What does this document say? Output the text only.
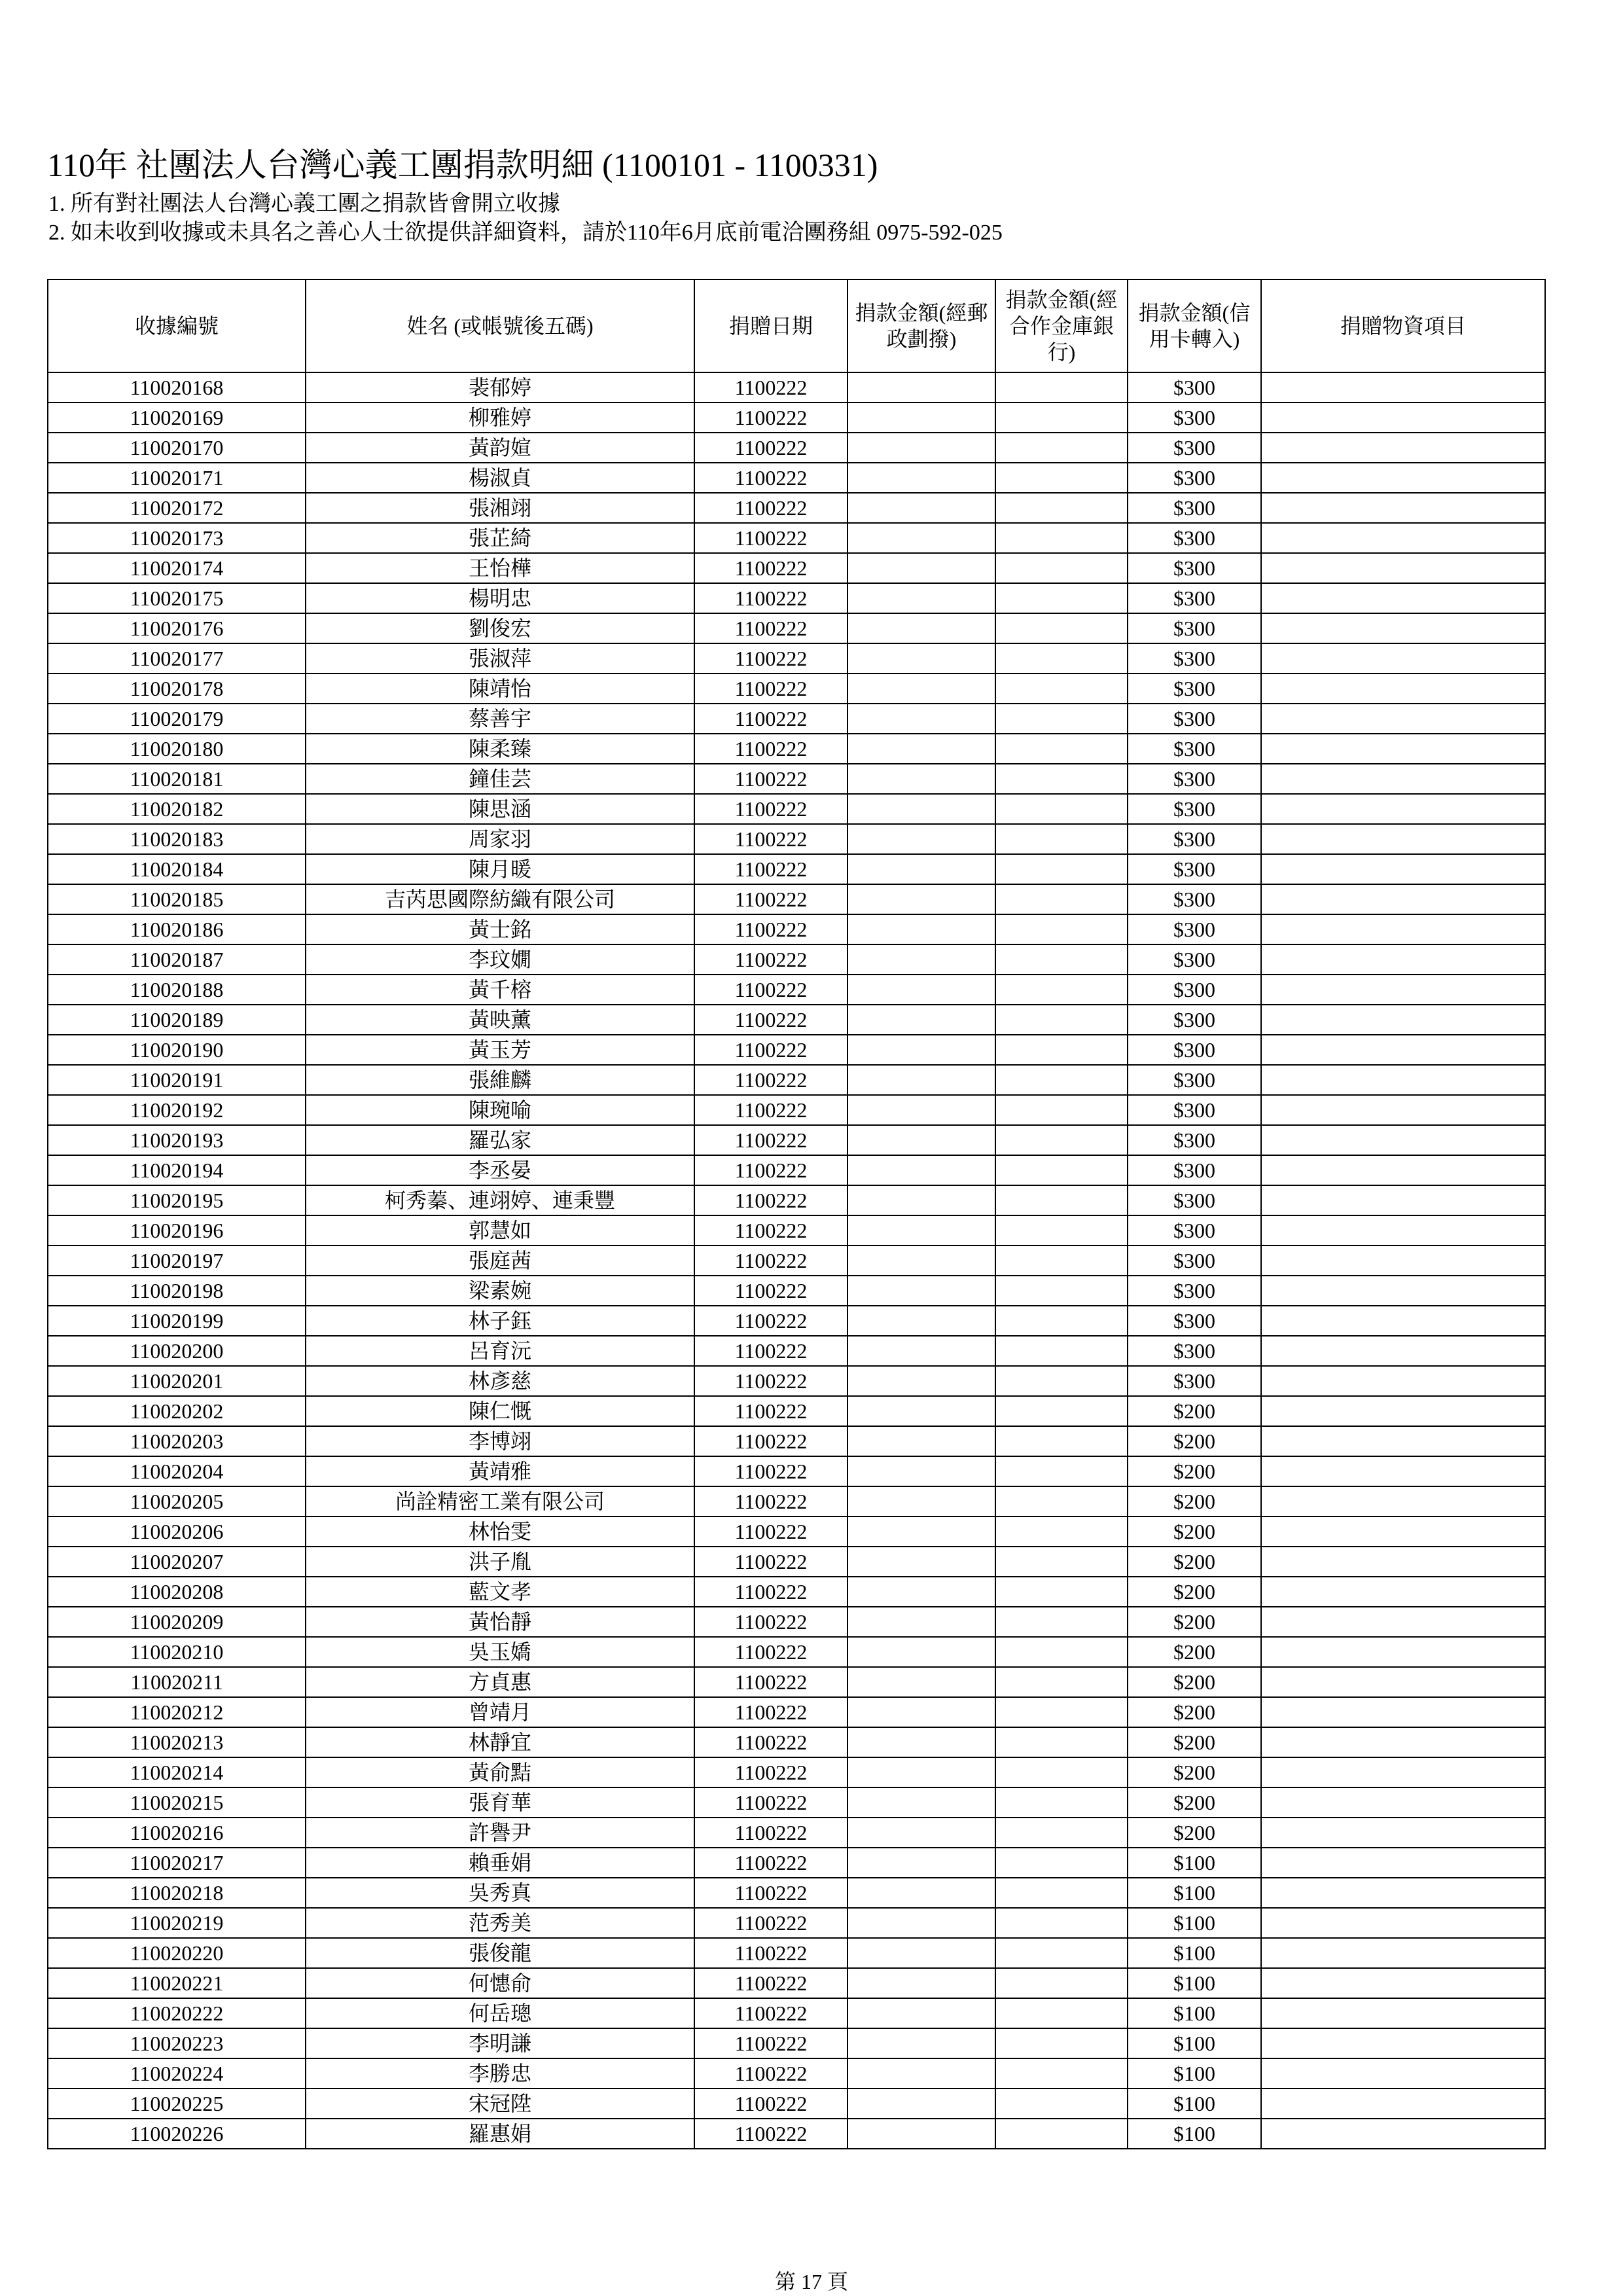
110年 社團法人台灣心義工團捐款明細 (1100101 - 1100331)
1. 所有對社團法人台灣心義工團之捐款皆會開立收據
2. 如未收到收據或未具名之善心人士欲提供詳細資料，請於110年6月底前電洽團務組 0975-592-025
收據編號	姓名 (或帳號後五碼)	捐贈日期	捐款金額(經郵政劃撥)	捐款金額(經合作金庫銀行)	捐款金額(信用卡轉入)	捐贈物資項目
110020168	裴郁婷	1100222			$300	
110020169	柳雅婷	1100222			$300	
110020170	黃韵媗	1100222			$300	
110020171	楊淑貞	1100222			$300	
110020172	張湘翊	1100222			$300	
110020173	張芷綺	1100222			$300	
110020174	王怡樺	1100222			$300	
110020175	楊明忠	1100222			$300	
110020176	劉俊宏	1100222			$300	
110020177	張淑萍	1100222			$300	
110020178	陳靖怡	1100222			$300	
110020179	蔡善宇	1100222			$300	
110020180	陳柔臻	1100222			$300	
110020181	鐘佳芸	1100222			$300	
110020182	陳思涵	1100222			$300	
110020183	周家羽	1100222			$300	
110020184	陳月暖	1100222			$300	
110020185	吉芮思國際紡織有限公司	1100222			$300	
110020186	黃士銘	1100222			$300	
110020187	李玟嫺	1100222			$300	
110020188	黃千榕	1100222			$300	
110020189	黃映薰	1100222			$300	
110020190	黃玉芳	1100222			$300	
110020191	張維麟	1100222			$300	
110020192	陳琬喻	1100222			$300	
110020193	羅弘家	1100222			$300	
110020194	李丞晏	1100222			$300	
110020195	柯秀蓁、連翊婷、連秉豐	1100222			$300	
110020196	郭慧如	1100222			$300	
110020197	張庭茜	1100222			$300	
110020198	梁素婉	1100222			$300	
110020199	林子鈺	1100222			$300	
110020200	呂育沅	1100222			$300	
110020201	林彥慈	1100222			$300	
110020202	陳仁慨	1100222			$200	
110020203	李博翊	1100222			$200	
110020204	黃靖雅	1100222			$200	
110020205	尚詮精密工業有限公司	1100222			$200	
110020206	林怡雯	1100222			$200	
110020207	洪子胤	1100222			$200	
110020208	藍文孝	1100222			$200	
110020209	黃怡靜	1100222			$200	
110020210	吳玉嬌	1100222			$200	
110020211	方貞惠	1100222			$200	
110020212	曾靖月	1100222			$200	
110020213	林靜宜	1100222			$200	
110020214	黃俞黠	1100222			$200	
110020215	張育華	1100222			$200	
110020216	許譽尹	1100222			$200	
110020217	賴垂娟	1100222			$100	
110020218	吳秀真	1100222			$100	
110020219	范秀美	1100222			$100	
110020220	張俊龍	1100222			$100	
110020221	何憓俞	1100222			$100	
110020222	何岳璁	1100222			$100	
110020223	李明謙	1100222			$100	
110020224	李勝忠	1100222			$100	
110020225	宋冠陞	1100222			$100	
110020226	羅惠娟	1100222			$100	
第 17 頁
